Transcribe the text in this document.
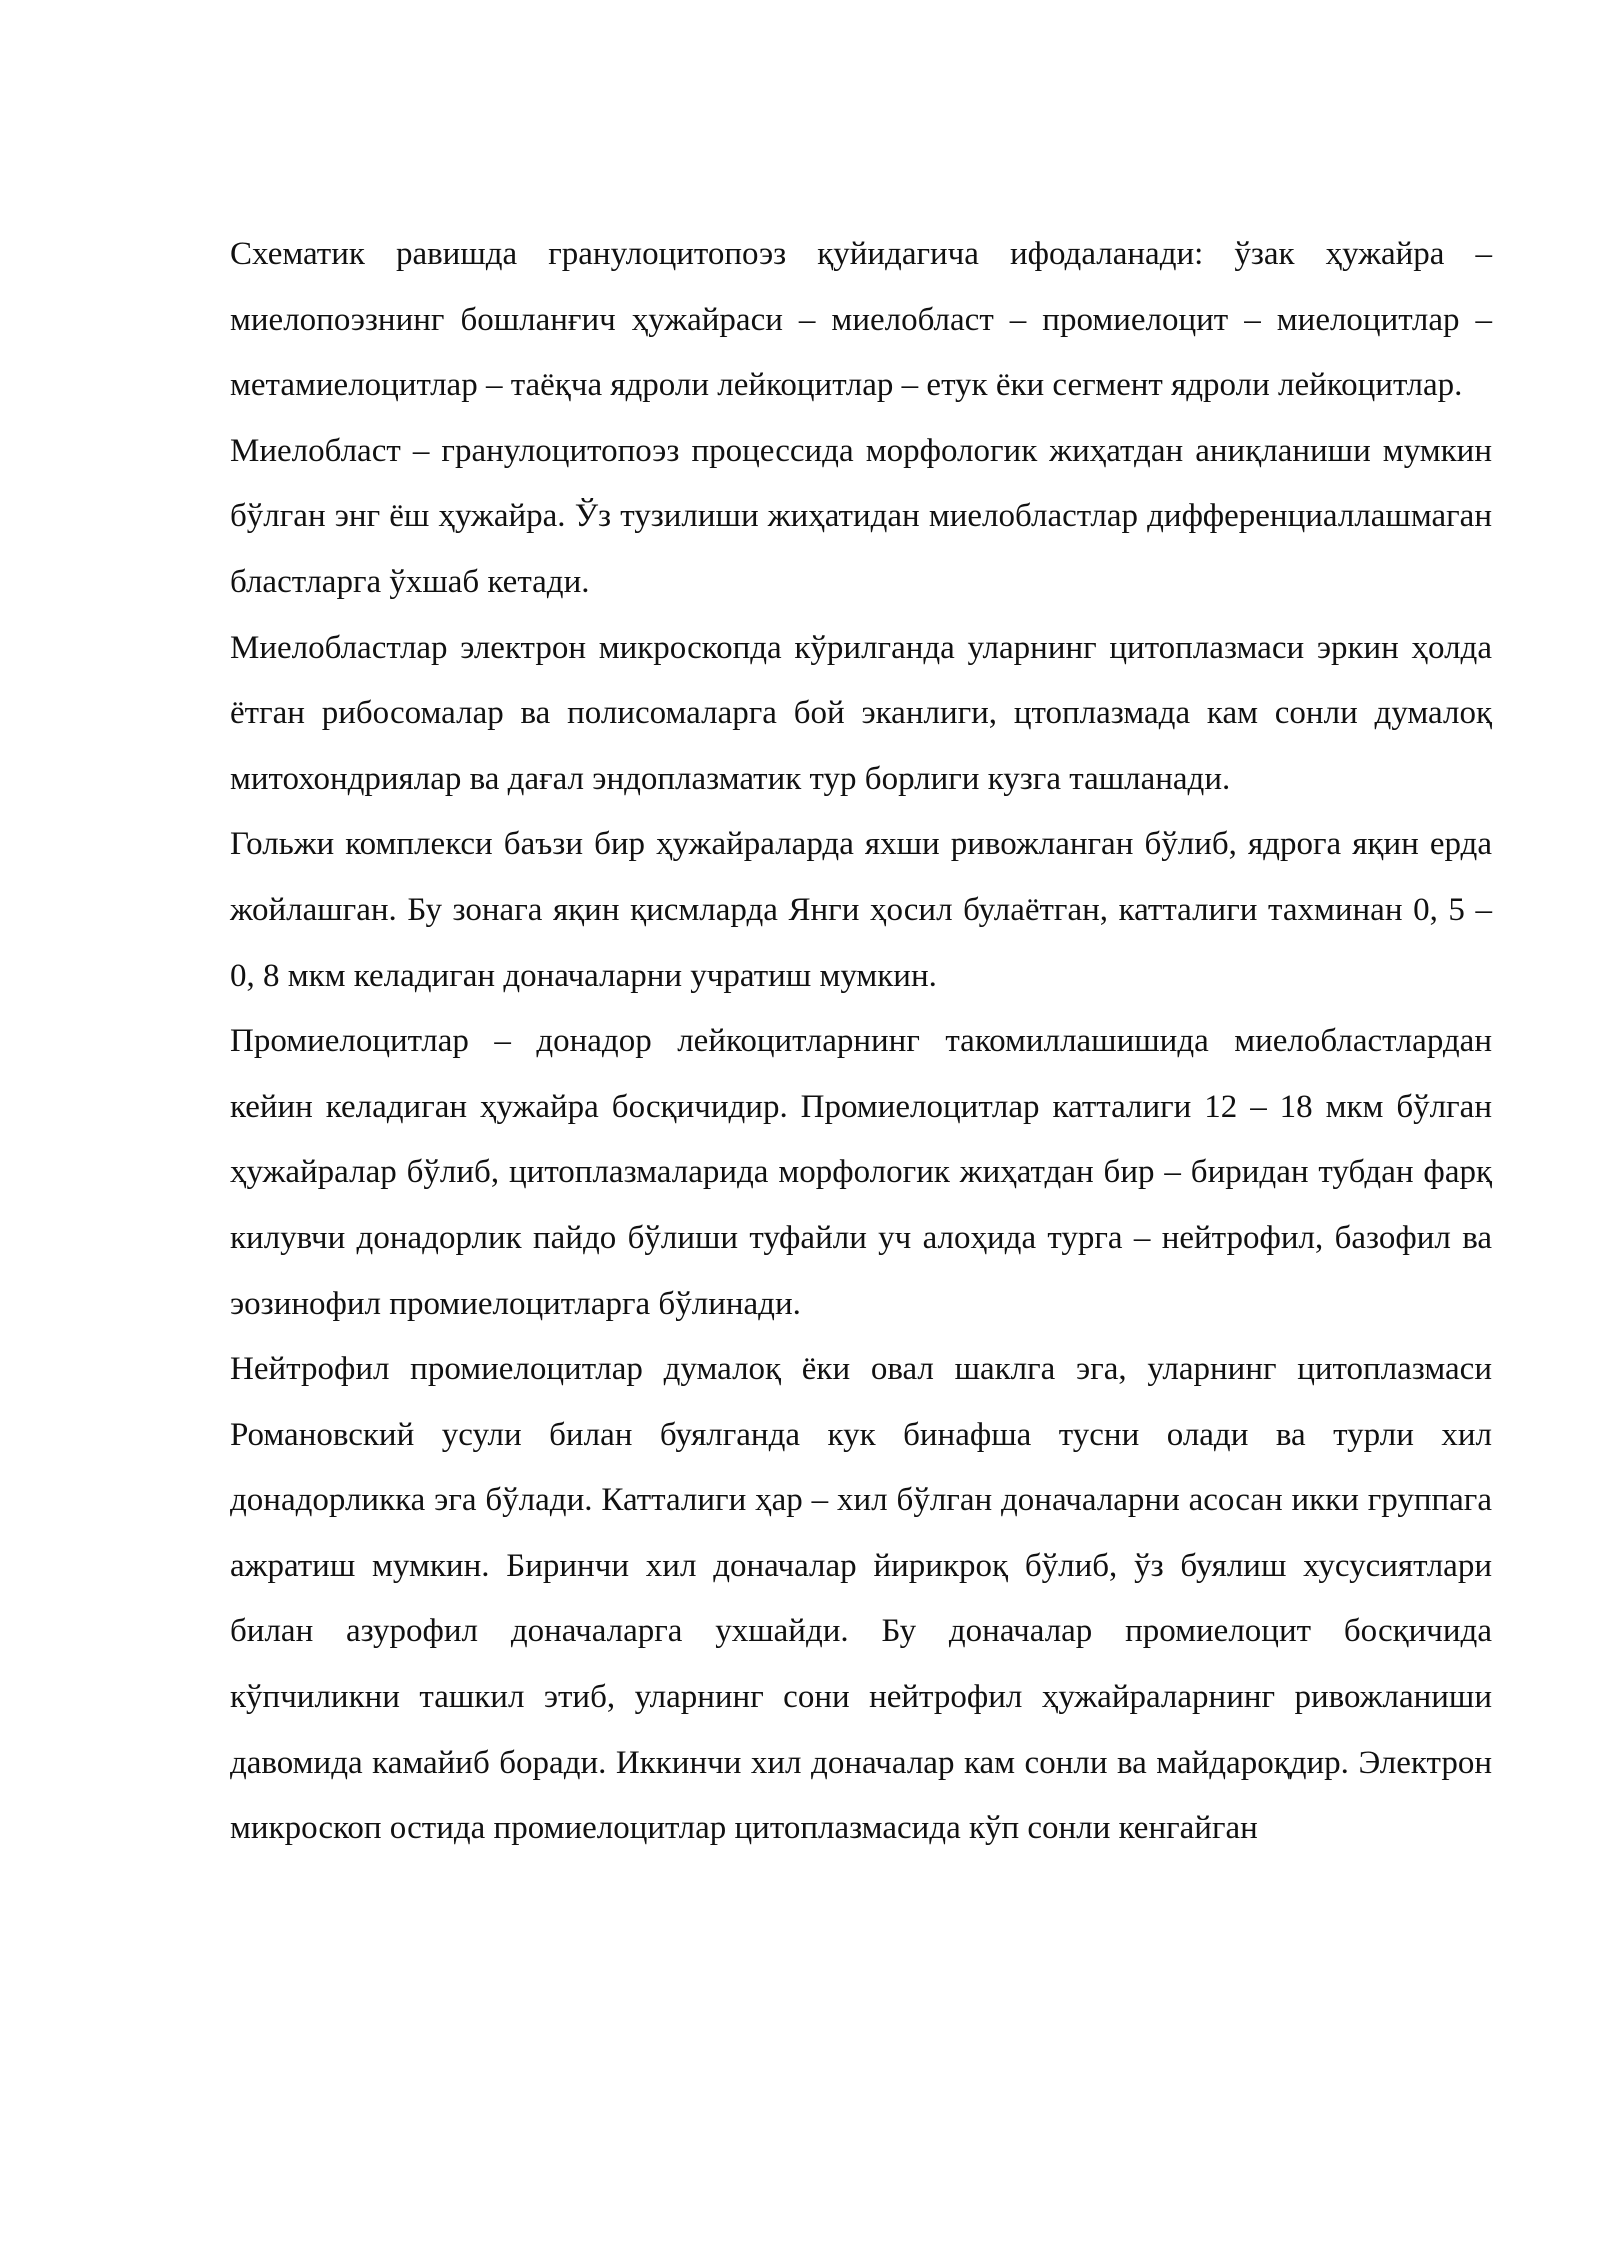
Схематик равишда гранулоцитопоэз қуйидагича ифодаланади: ўзак ҳужайра – миелопоэзнинг бошланғич ҳужайраси – миелобласт – промиелоцит – миелоцитлар – метамиелоцитлар – таёқча ядроли лейкоцитлар – етук ёки сегмент ядроли лейкоцитлар.

Миелобласт – гранулоцитопоэз процессида морфологик жиҳатдан аниқланиши мумкин бўлган энг ёш ҳужайра. Ўз тузилиши жиҳатидан миелобластлар дифференциаллашмаган бластларга ўхшаб кетади.

Миелобластлар электрон микроскопда кўрилганда уларнинг цитоплазмаси эркин ҳолда ётган рибосомалар ва полисомаларга бой эканлиги, цтоплазмада кам сонли думалоқ митохондриялар ва дағал эндоплазматик тур борлиги кузга ташланади.

Гольжи комплекси баъзи бир ҳужайраларда яхши ривожланган бўлиб, ядрога яқин ерда жойлашган. Бу зонага яқин қисмларда Янги ҳосил булаётган, катталиги тахминан 0, 5 – 0, 8 мкм келадиган доначаларни учратиш мумкин.

Промиелоцитлар – донадор лейкоцитларнинг такомиллашишида миелобластлардан кейин келадиган ҳужайра босқичидир. Промиелоцитлар катталиги 12 – 18 мкм бўлган ҳужайралар бўлиб, цитоплазмаларида морфологик жиҳатдан бир – биридан тубдан фарқ килувчи донадорлик пайдо бўлиши туфайли уч алоҳида турга – нейтрофил, базофил ва эозинофил промиелоцитларга бўлинади.

Нейтрофил промиелоцитлар думалоқ ёки овал шаклга эга, уларнинг цитоплазмаси Романовский усули билан буялганда кук бинафша тусни олади ва турли хил донадорликка эга бўлади. Катталиги ҳар – хил бўлган доначаларни асосан икки группага ажратиш мумкин. Биринчи хил доначалар йирикроқ бўлиб, ўз буялиш хусусиятлари билан азурофил доначаларга ухшайди. Бу доначалар промиелоцит босқичида кўпчиликни ташкил этиб, уларнинг сони нейтрофил ҳужайраларнинг ривожланиши давомида камайиб боради. Иккинчи хил доначалар кам сонли ва майдароқдир. Электрон микроскоп остида промиелоцитлар цитоплазмасида кўп сонли кенгайган
